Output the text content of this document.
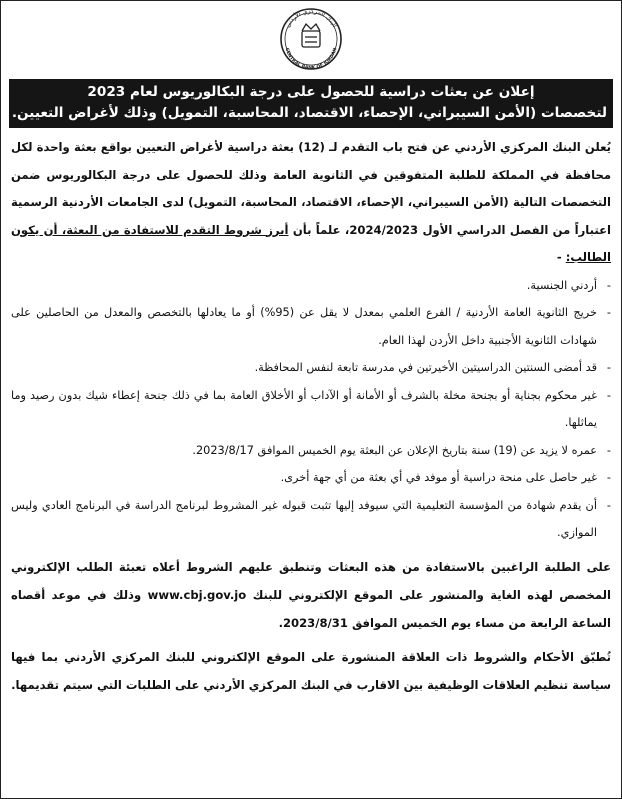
البنك المركزي الأردني
CENTRAL BANK OF JORDAN
إعلان عن بعثات دراسية للحصول على درجة البكالوريوس لعام 2023
لتخصصات (الأمن السيبراني، الإحصاء، الاقتصاد، المحاسبة، التمويل) وذلك لأغراض التعيين.

يُعلن البنك المركزي الأردني عن فتح باب التقدم لـ (12) بعثة دراسية لأغراض التعيين بواقع بعثة واحدة لكل محافظة في المملكة للطلبة المتفوقين في الثانوية العامة وذلك للحصول على درجة البكالوريوس ضمن التخصصات التالية (الأمن السيبراني، الإحصاء، الاقتصاد، المحاسبة، التمويل) لدى الجامعات الأردنية الرسمية اعتباراً من الفصل الدراسي الأول 2024/2023، علماً بأن أبرز شروط التقدم للاستفادة من البعثة، أن يكون الطالب: -

-
أردني الجنسية.
-
خريج الثانوية العامة الأردنية / الفرع العلمي بمعدل لا يقل عن (95%) أو ما يعادلها بالتخصص والمعدل من الحاصلين على شهادات الثانوية الأجنبية داخل الأردن لهذا العام.
-
قد أمضى السنتين الدراسيتين الأخيرتين في مدرسة تابعة لنفس المحافظة.
-
غير محكوم بجناية أو بجنحة مخلة بالشرف أو الأمانة أو الآداب أو الأخلاق العامة بما في ذلك جنحة إعطاء شيك بدون رصيد وما يماثلها.
-
عمره لا يزيد عن (19) سنة بتاريخ الإعلان عن البعثة يوم الخميس الموافق 2023/8/17.
-
غير حاصل على منحة دراسية أو موفد في أي بعثة من أي جهة أخرى.
-
أن يقدم شهادة من المؤسسة التعليمية التي سيوفد إليها تثبت قبوله غير المشروط لبرنامج الدراسة في البرنامج العادي وليس الموازي.

على الطلبة الراغبين بالاستفادة من هذه البعثات وتنطبق عليهم الشروط أعلاه تعبئة الطلب الإلكتروني المخصص لهذه الغاية والمنشور على الموقع الإلكتروني للبنك www.cbj.gov.jo وذلك في موعد أقصاه الساعة الرابعة من مساء يوم الخميس الموافق 2023/8/31.

تُطبّق الأحكام والشروط ذات العلاقة المنشورة على الموقع الإلكتروني للبنك المركزي الأردني بما فيها سياسة تنظيم العلاقات الوظيفية بين الاقارب في البنك المركزي الأردني على الطلبات التي سيتم تقديمها.
